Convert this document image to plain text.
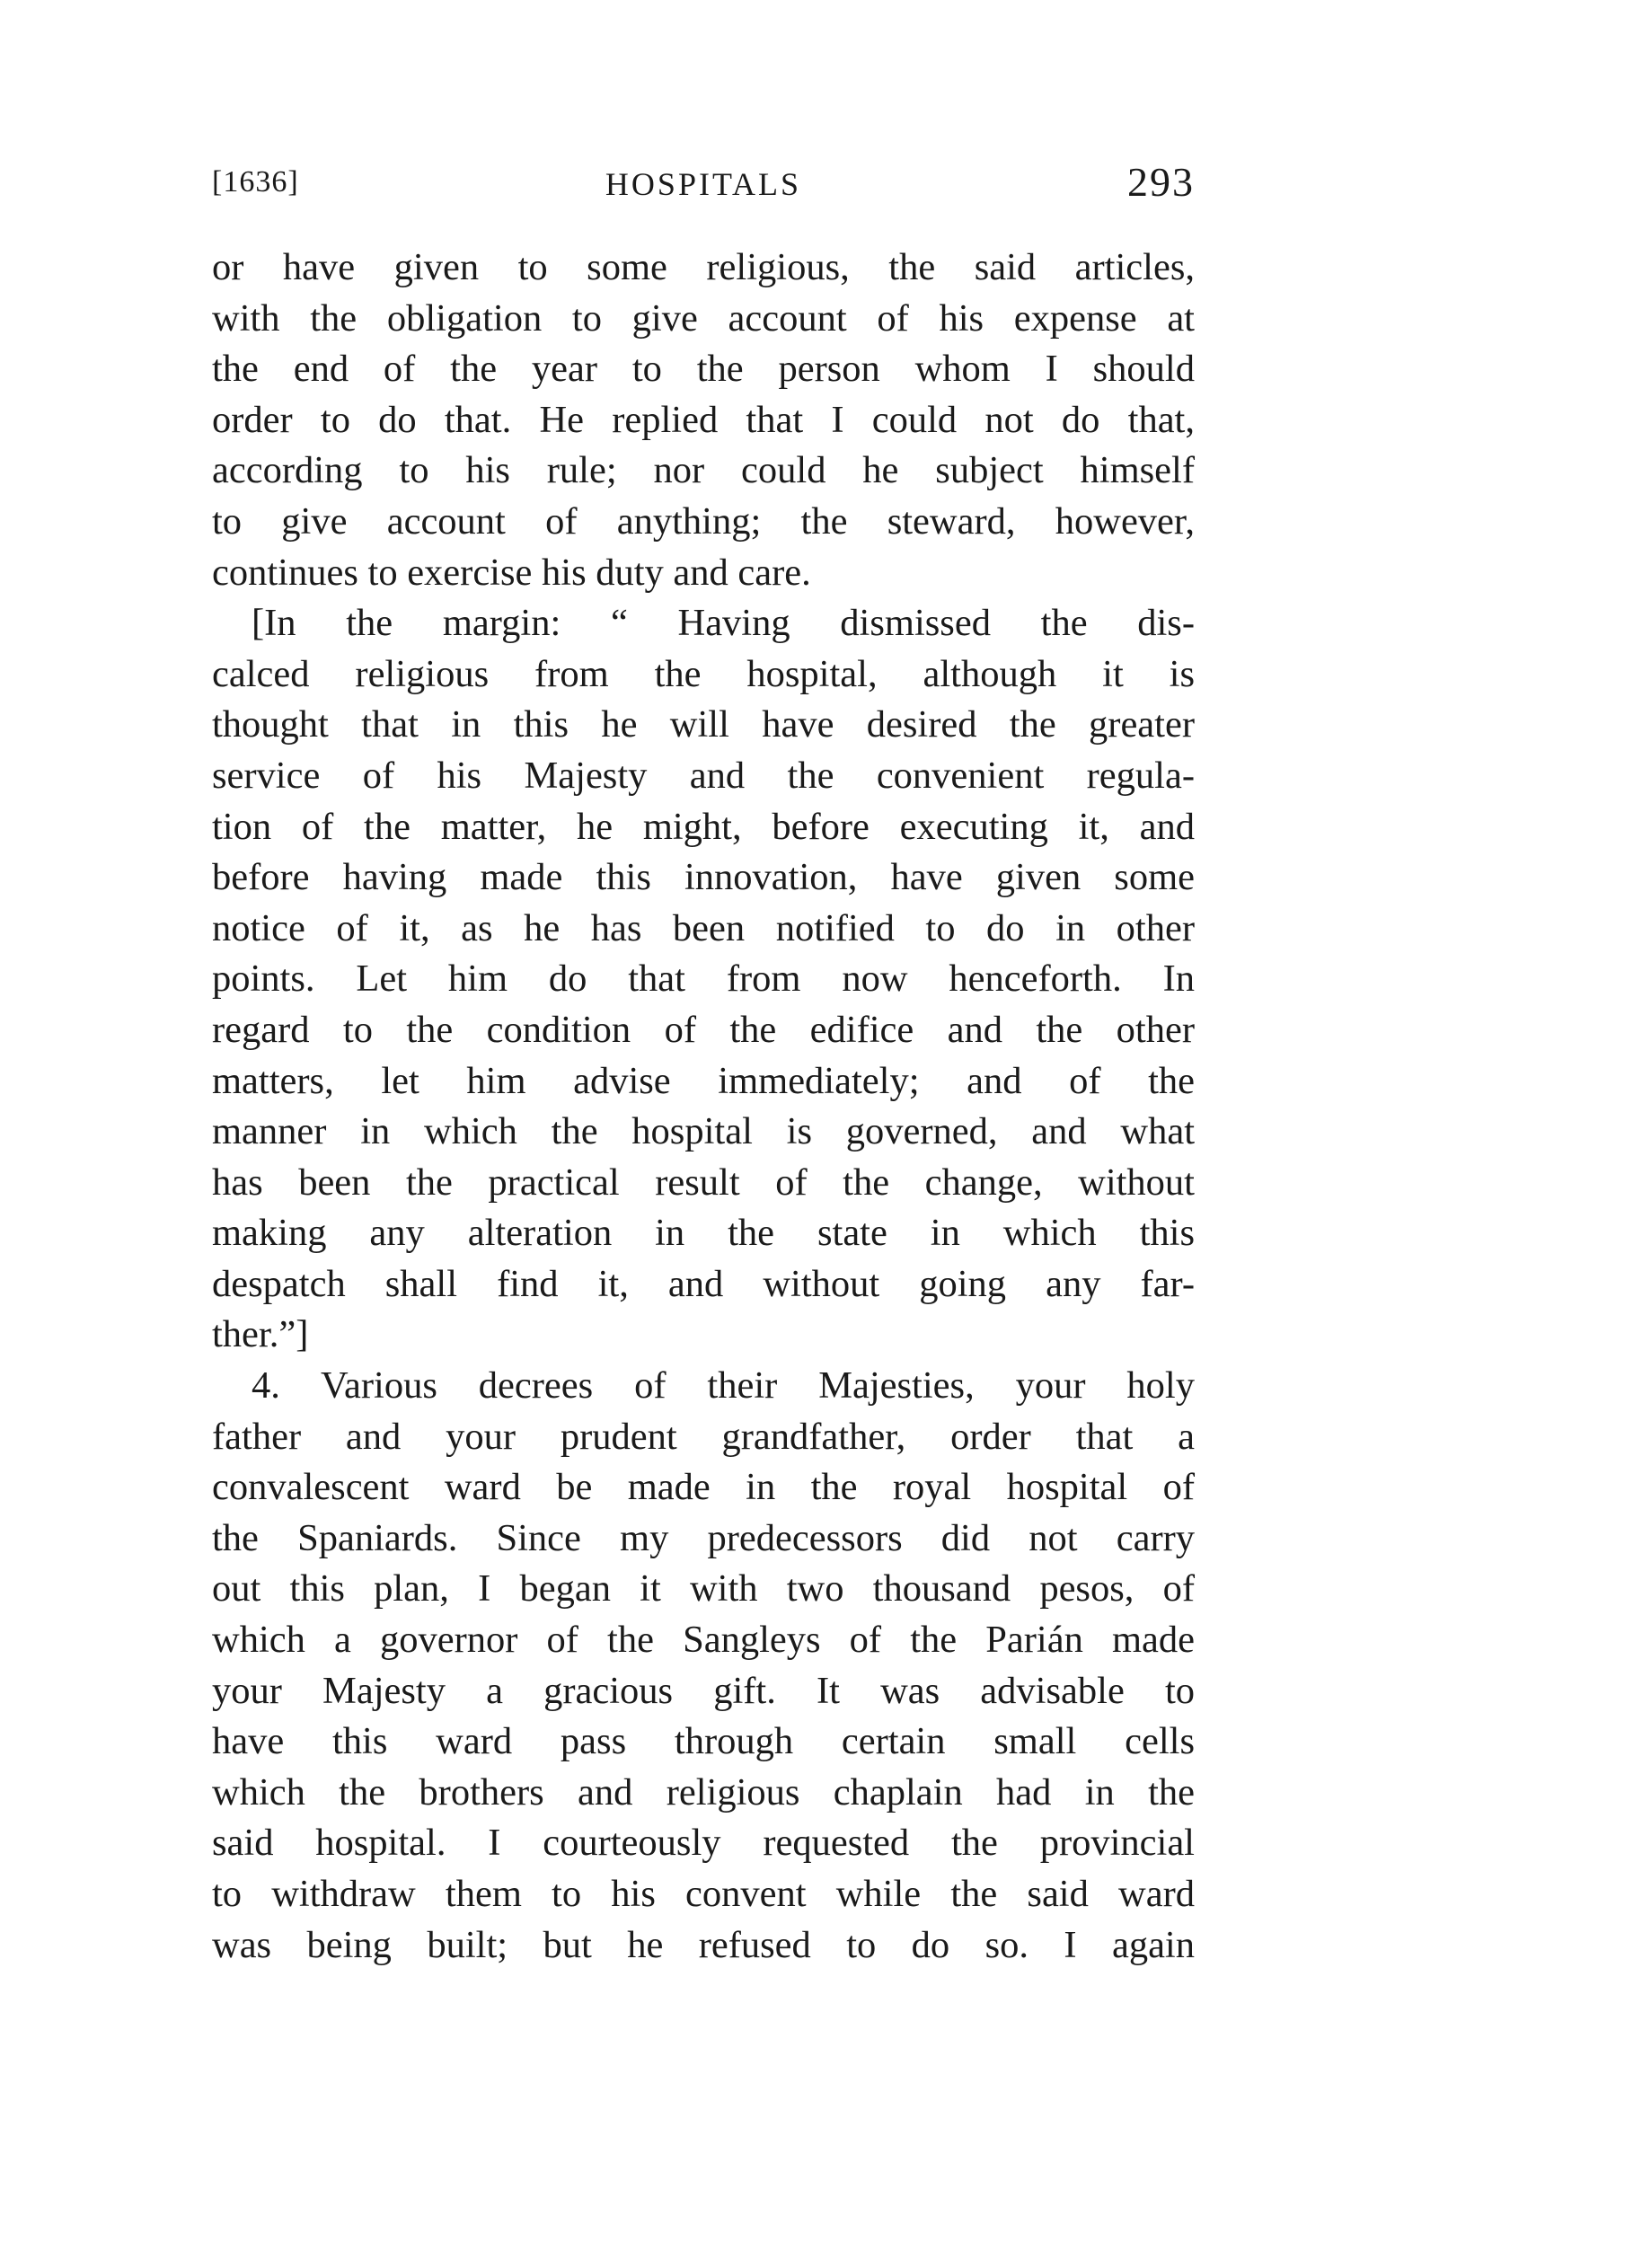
[1636]	HOSPITALS	293
or have given to some religious, the said articles,
with the obligation to give account of his expense at
the end of the year to the person whom I should
order to do that. He replied that I could not do that,
according to his rule; nor could he subject himself
to give account of anything; the steward, however,
continues to exercise his duty and care.
[In the margin: “ Having dismissed the dis-
calced religious from the hospital, although it is
thought that in this he will have desired the greater
service of his Majesty and the convenient regula-
tion of the matter, he might, before executing it, and
before having made this innovation, have given some
notice of it, as he has been notified to do in other
points. Let him do that from now henceforth. In
regard to the condition of the edifice and the other
matters, let him advise immediately; and of the
manner in which the hospital is governed, and what
has been the practical result of the change, without
making any alteration in the state in which this
despatch shall find it, and without going any far-
ther.”]
4. Various decrees of their Majesties, your holy
father and your prudent grandfather, order that a
convalescent ward be made in the royal hospital of
the Spaniards. Since my predecessors did not carry
out this plan, I began it with two thousand pesos, of
which a governor of the Sangleys of the Parián made
your Majesty a gracious gift. It was advisable to
have this ward pass through certain small cells
which the brothers and religious chaplain had in the
said hospital. I courteously requested the provincial
to withdraw them to his convent while the said ward
was being built; but he refused to do so. I again
